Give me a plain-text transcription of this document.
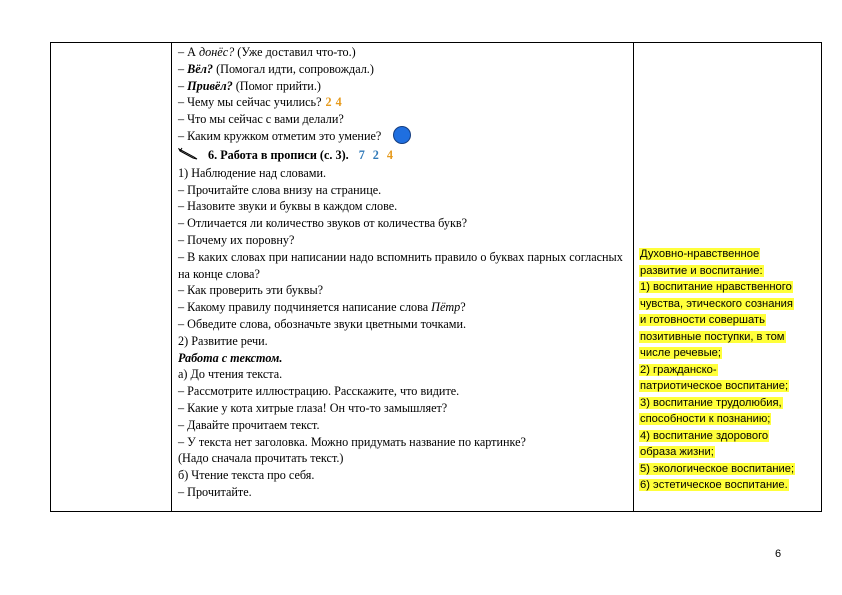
– А донёс? (Уже доставил что-то.)
– Вёл? (Помогал идти, сопровождал.)
– Привёл? (Помог прийти.)
– Чему мы сейчас учились? 2 4
– Что мы сейчас с вами делали?
– Каким кружком отметим это умение?
6. Работа в прописи (с. 3). 7 2 4
1) Наблюдение над словами.
– Прочитайте слова внизу на странице.
– Назовите звуки и буквы в каждом слове.
– Отличается ли количество звуков от количества букв?
– Почему их поровну?
– В каких словах при написании надо вспомнить правило о буквах парных согласных на конце слова?
– Как проверить эти буквы?
– Какому правилу подчиняется написание слова Пётр?
– Обведите слова, обозначьте звуки цветными точками.
2) Развитие речи.
Работа с текстом.
а) До чтения текста.
– Рассмотрите иллюстрацию. Расскажите, что видите.
– Какие у кота хитрые глаза! Он что-то замышляет?
– Давайте прочитаем текст.
– У текста нет заголовка. Можно придумать название по картинке?
(Надо сначала прочитать текст.)
б) Чтение текста про себя.
– Прочитайте.
Духовно-нравственное
развитие и воспитание:
1) воспитание нравственного
чувства, этического сознания
и готовности совершать
позитивные поступки, в том
числе речевые;
2) гражданско-
патриотическое воспитание;
3) воспитание трудолюбия,
способности к познанию;
4) воспитание здорового
образа жизни;
5) экологическое воспитание;
6) эстетическое воспитание.
6
